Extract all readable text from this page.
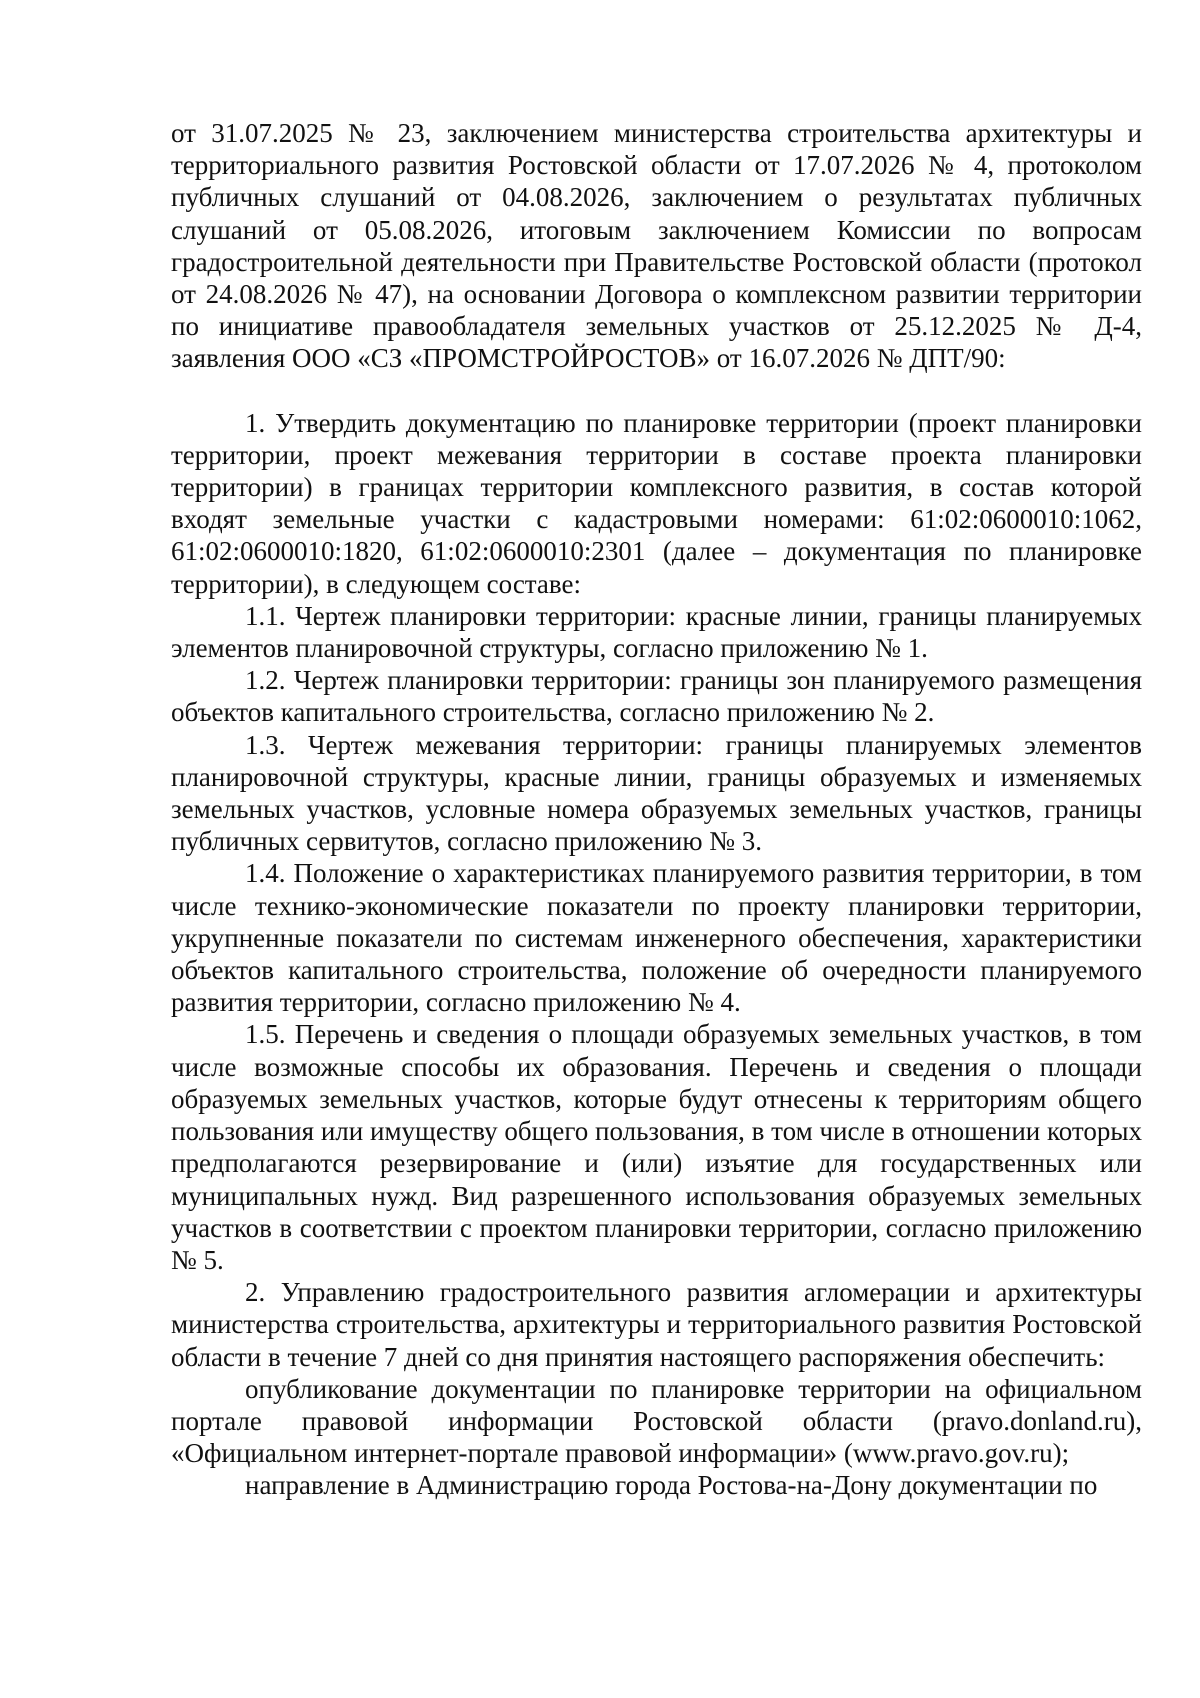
от 31.07.2025 № 23, заключением министерства строительства архитектуры и территориального развития Ростовской области от 17.07.2026 № 4, протоколом публичных слушаний от 04.08.2026, заключением о результатах публичных слушаний от 05.08.2026, итоговым заключением Комиссии по вопросам градостроительной деятельности при Правительстве Ростовской области (протокол от 24.08.2026 № 47), на основании Договора о комплексном развитии территории по инициативе правообладателя земельных участков от 25.12.2025 № Д-4, заявления ООО «СЗ «ПРОМСТРОЙРОСТОВ» от 16.07.2026 № ДПТ/90:

1. Утвердить документацию по планировке территории (проект планировки территории, проект межевания территории в составе проекта планировки территории) в границах территории комплексного развития, в состав которой входят земельные участки с кадастровыми номерами: 61:02:0600010:1062, 61:02:0600010:1820, 61:02:0600010:2301 (далее – документация по планировке территории), в следующем составе:

1.1. Чертеж планировки территории: красные линии, границы планируемых элементов планировочной структуры, согласно приложению № 1.

1.2. Чертеж планировки территории: границы зон планируемого размещения объектов капитального строительства, согласно приложению № 2.

1.3. Чертеж межевания территории: границы планируемых элементов планировочной структуры, красные линии, границы образуемых и изменяемых земельных участков, условные номера образуемых земельных участков, границы публичных сервитутов, согласно приложению № 3.

1.4. Положение о характеристиках планируемого развития территории, в том числе технико-экономические показатели по проекту планировки территории, укрупненные показатели по системам инженерного обеспечения, характеристики объектов капитального строительства, положение об очередности планируемого развития территории, согласно приложению № 4.

1.5. Перечень и сведения о площади образуемых земельных участков, в том числе возможные способы их образования. Перечень и сведения о площади образуемых земельных участков, которые будут отнесены к территориям общего пользования или имуществу общего пользования, в том числе в отношении которых предполагаются резервирование и (или) изъятие для государственных или муниципальных нужд. Вид разрешенного использования образуемых земельных участков в соответствии с проектом планировки территории, согласно приложению № 5.

2. Управлению градостроительного развития агломерации и архитектуры министерства строительства, архитектуры и территориального развития Ростовской области в течение 7 дней со дня принятия настоящего распоряжения обеспечить:

опубликование документации по планировке территории на официальном портале правовой информации Ростовской области (pravo.donland.ru), «Официальном интернет-портале правовой информации» (www.pravo.gov.ru);

направление в Администрацию города Ростова-на-Дону документации по
